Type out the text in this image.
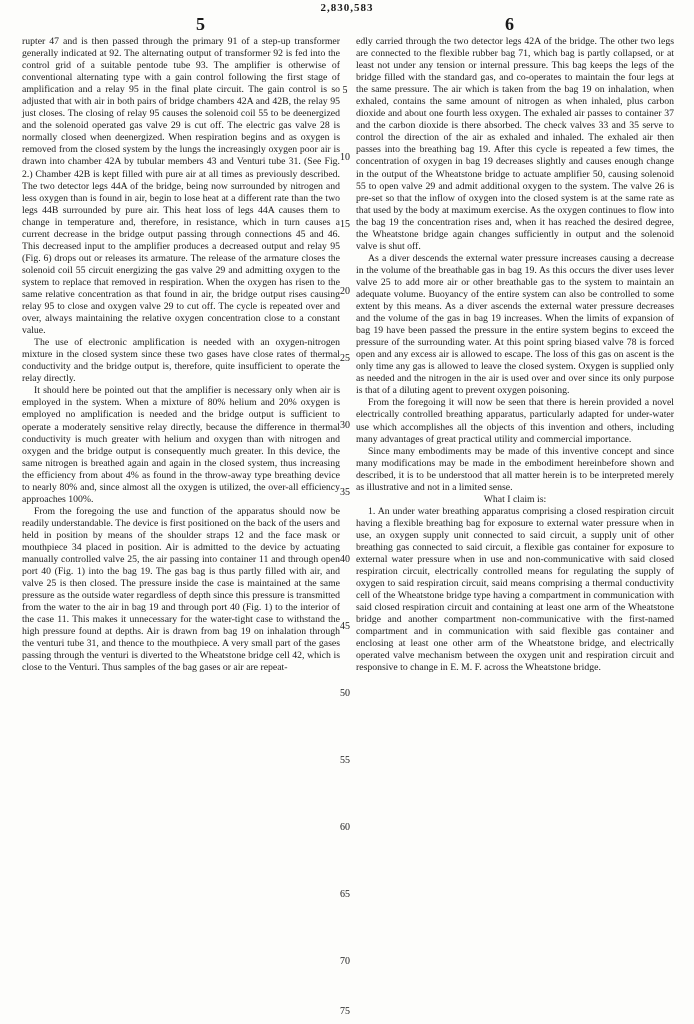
2,830,583
5	6

rupter 47 and is then passed through the primary 91 of a step-up transformer generally indicated at 92. The alternating output of transformer 92 is fed into the control grid of a suitable pentode tube 93. The amplifier is otherwise of conventional alternating type with a gain control following the first stage of amplification and a relay 95 in the final plate circuit. The gain control is so adjusted that with air in both pairs of bridge chambers 42A and 42B, the relay 95 just closes. The closing of relay 95 causes the solenoid coil 55 to be deenergized and the solenoid operated gas valve 29 is cut off. The electric gas valve 28 is normally closed when deenergized. When respiration begins and as oxygen is removed from the closed system by the lungs the increasingly oxygen poor air is drawn into chamber 42A by tubular members 43 and Venturi tube 31. (See Fig. 2.) Chamber 42B is kept filled with pure air at all times as previously described. The two detector legs 44A of the bridge, being now surrounded by nitrogen and less oxygen than is found in air, begin to lose heat at a different rate than the two legs 44B surrounded by pure air. This heat loss of legs 44A causes them to change in temperature and, therefore, in resistance, which in turn causes a current decrease in the bridge output passing through connections 45 and 46. This decreased input to the amplifier produces a decreased output and relay 95 (Fig. 6) drops out or releases its armature. The release of the armature closes the solenoid coil 55 circuit energizing the gas valve 29 and admitting oxygen to the system to replace that removed in respiration. When the oxygen has risen to the same relative concentration as that found in air, the bridge output rises causing relay 95 to close and oxygen valve 29 to cut off. The cycle is repeated over and over, always maintaining the relative oxygen concentration close to a constant value.

The use of electronic amplification is needed with an oxygen-nitrogen mixture in the closed system since these two gases have close rates of thermal conductivity and the bridge output is, therefore, quite insufficient to operate the relay directly.

It should here be pointed out that the amplifier is necessary only when air is employed in the system. When a mixture of 80% helium and 20% oxygen is employed no amplification is needed and the bridge output is sufficient to operate a moderately sensitive relay directly, because the difference in thermal conductivity is much greater with helium and oxygen than with nitrogen and oxygen and the bridge output is consequently much greater. In this device, the same nitrogen is breathed again and again in the closed system, thus increasing the efficiency from about 4% as found in the throw-away type breathing device to nearly 80% and, since almost all the oxygen is utilized, the over-all efficiency approaches 100%.

From the foregoing the use and function of the apparatus should now be readily understandable. The device is first positioned on the back of the users and held in position by means of the shoulder straps 12 and the face mask or mouthpiece 34 placed in position. Air is admitted to the device by actuating manually controlled valve 25, the air passing into container 11 and through open port 40 (Fig. 1) into the bag 19. The gas bag is thus partly filled with air, and valve 25 is then closed. The pressure inside the case is maintained at the same pressure as the outside water regardless of depth since this pressure is transmitted from the water to the air in bag 19 and through port 40 (Fig. 1) to the interior of the case 11. This makes it unnecessary for the water-tight case to withstand the high pressure found at depths. Air is drawn from bag 19 on inhalation through the venturi tube 31, and thence to the mouthpiece. A very small part of the gases passing through the venturi is diverted to the Wheatstone bridge cell 42, which is close to the Venturi. Thus samples of the bag gases or air are repeat-

edly carried through the two detector legs 42A of the bridge. The other two legs are connected to the flexible rubber bag 71, which bag is partly collapsed, or at least not under any tension or internal pressure. This bag keeps the legs of the bridge filled with the standard gas, and co-operates to maintain the four legs at the same pressure. The air which is taken from the bag 19 on inhalation, when exhaled, contains the same amount of nitrogen as when inhaled, plus carbon dioxide and about one fourth less oxygen. The exhaled air passes to container 37 and the carbon dioxide is there absorbed. The check valves 33 and 35 serve to control the direction of the air as exhaled and inhaled. The exhaled air then passes into the breathing bag 19. After this cycle is repeated a few times, the concentration of oxygen in bag 19 decreases slightly and causes enough change in the output of the Wheatstone bridge to actuate amplifier 50, causing solenoid 55 to open valve 29 and admit additional oxygen to the system. The valve 26 is pre-set so that the inflow of oxygen into the closed system is at the same rate as that used by the body at maximum exercise. As the oxygen continues to flow into the bag 19 the concentration rises and, when it has reached the desired degree, the Wheatstone bridge again changes sufficiently in output and the solenoid valve is shut off.

As a diver descends the external water pressure increases causing a decrease in the volume of the breathable gas in bag 19. As this occurs the diver uses lever valve 25 to add more air or other breathable gas to the system to maintain an adequate volume. Buoyancy of the entire system can also be controlled to some extent by this means. As a diver ascends the external water pressure decreases and the volume of the gas in bag 19 increases. When the limits of expansion of bag 19 have been passed the pressure in the entire system begins to exceed the pressure of the surrounding water. At this point spring biased valve 78 is forced open and any excess air is allowed to escape. The loss of this gas on ascent is the only time any gas is allowed to leave the closed system. Oxygen is supplied only as needed and the nitrogen in the air is used over and over since its only purpose is that of a diluting agent to prevent oxygen poisoning.

From the foregoing it will now be seen that there is herein provided a novel electrically controlled breathing apparatus, particularly adapted for under-water use which accomplishes all the objects of this invention and others, including many advantages of great practical utility and commercial importance.

Since many embodiments may be made of this inventive concept and since many modifications may be made in the embodiment hereinbefore shown and described, it is to be understood that all matter herein is to be interpreted merely as illustrative and not in a limited sense.

What I claim is:

1. An under water breathing apparatus comprising a closed respiration circuit having a flexible breathing bag for exposure to external water pressure when in use, an oxygen supply unit connected to said circuit, a supply unit of other breathing gas connected to said circuit, a flexible gas container for exposure to external water pressure when in use and non-communicative with said closed respiration circuit, electrically controlled means for regulating the supply of oxygen to said respiration circuit, said means comprising a thermal conductivity cell of the Wheatstone bridge type having a compartment in communication with said closed respiration circuit and containing at least one arm of the Wheatstone bridge and another compartment non-communicative with the first-named compartment and in communication with said flexible gas container and enclosing at least one other arm of the Wheatstone bridge, and electrically operated valve mechanism between the oxygen unit and respiration circuit and responsive to change in E. M. F. across the Wheatstone bridge.

5
10
15
20
25
30
35
40
45
50
55
60
65
70
75
